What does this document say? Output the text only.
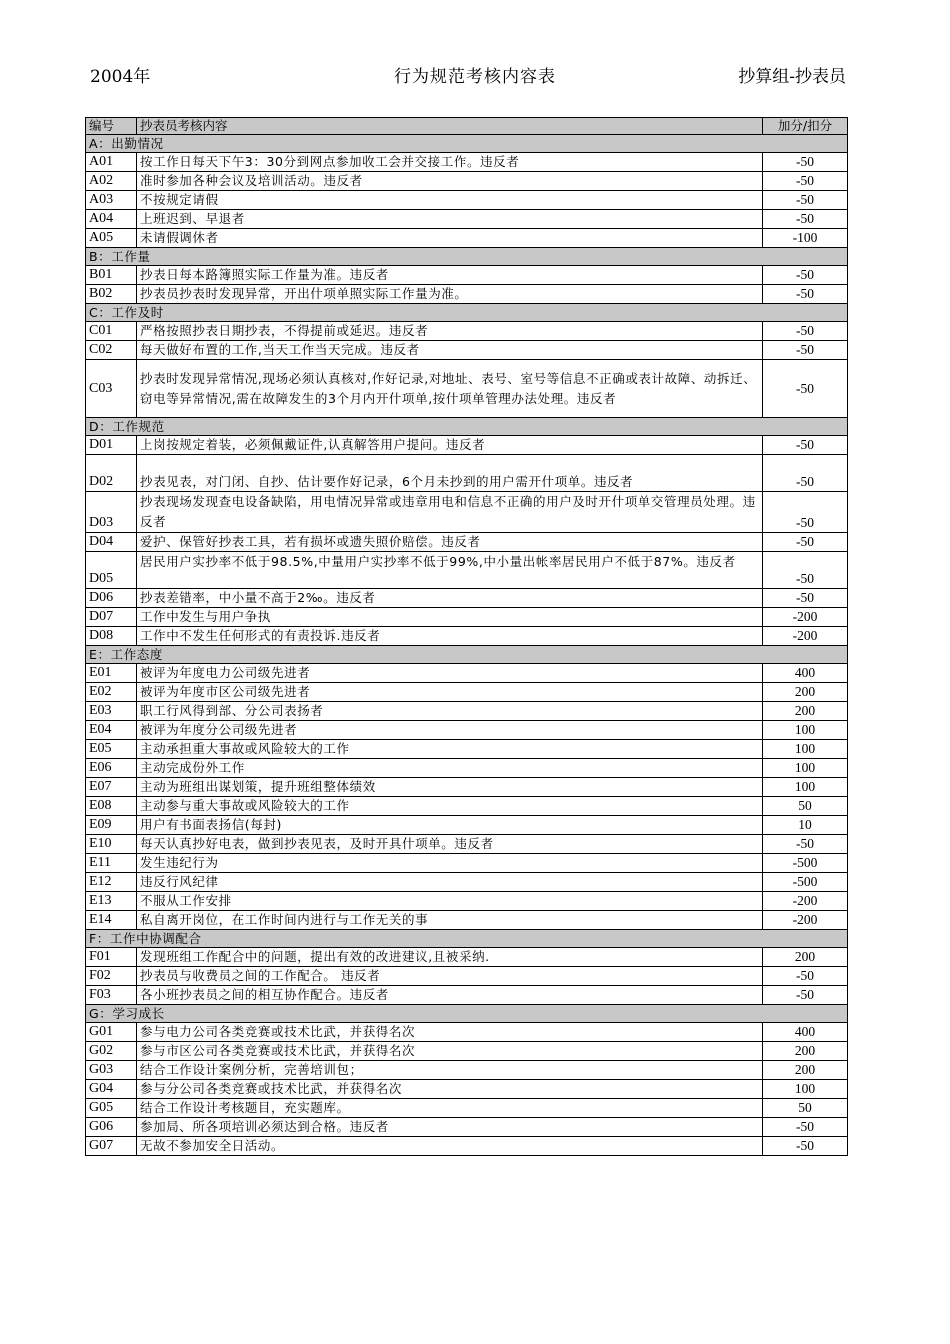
2004年	行为规范考核内容表	抄算组-抄表员
编号	抄表员考核内容	加分/扣分
A：出勤情况		
A01	按工作日每天下午3：30分到网点参加收工会并交接工作。违反者	-50
A02	准时参加各种会议及培训活动。违反者	-50
A03	不按规定请假	-50
A04	上班迟到、早退者	-50
A05	未请假调休者	-100
B：工作量		
B01	抄表日每本路簿照实际工作量为准。违反者	-50
B02	抄表员抄表时发现异常，开出什项单照实际工作量为准。	-50
C：工作及时		
C01	严格按照抄表日期抄表，不得提前或延迟。违反者	-50
C02	每天做好布置的工作,当天工作当天完成。违反者	-50
C03	抄表时发现异常情况,现场必须认真核对,作好记录,对地址、表号、室号等信息不正确或表计故障、动拆迁、窃电等异常情况,需在故障发生的3个月内开什项单,按什项单管理办法处理。违反者	-50
D：工作规范		
D01	上岗按规定着装，必须佩戴证件,认真解答用户提问。违反者	-50
D02	抄表见表，对门闭、自抄、估计要作好记录，6个月未抄到的用户需开什项单。违反者	-50
D03	抄表现场发现查电设备缺陷，用电情况异常或违章用电和信息不正确的用户及时开什项单交管理员处理。违反者	-50
D04	爱护、保管好抄表工具，若有损坏或遗失照价赔偿。违反者	-50
D05	居民用户实抄率不低于98.5%,中量用户实抄率不低于99%,中小量出帐率居民用户不低于87%。违反者	-50
D06	抄表差错率，中小量不高于2‰。违反者	-50
D07	工作中发生与用户争执	-200
D08	工作中不发生任何形式的有责投诉.违反者	-200
E：工作态度		
E01	被评为年度电力公司级先进者	400
E02	被评为年度市区公司级先进者	200
E03	职工行风得到部、分公司表扬者	200
E04	被评为年度分公司级先进者	100
E05	主动承担重大事故或风险较大的工作	100
E06	主动完成份外工作	100
E07	主动为班组出谋划策，提升班组整体绩效	100
E08	主动参与重大事故或风险较大的工作	50
E09	用户有书面表扬信(每封)	10
E10	每天认真抄好电表，做到抄表见表，及时开具什项单。违反者	-50
E11	发生违纪行为	-500
E12	违反行风纪律	-500
E13	不服从工作安排	-200
E14	私自离开岗位，在工作时间内进行与工作无关的事	-200
F：工作中协调配合		
F01	发现班组工作配合中的问题，提出有效的改进建议,且被采纳.	200
F02	抄表员与收费员之间的工作配合。 违反者	-50
F03	各小班抄表员之间的相互协作配合。违反者	-50
G：学习成长		
G01	参与电力公司各类竞赛或技术比武，并获得名次	400
G02	参与市区公司各类竞赛或技术比武，并获得名次	200
G03	结合工作设计案例分析，完善培训包；	200
G04	参与分公司各类竞赛或技术比武，并获得名次	100
G05	结合工作设计考核题目，充实题库。	50
G06	参加局、所各项培训必须达到合格。违反者	-50
G07	无故不参加安全日活动。	-50
